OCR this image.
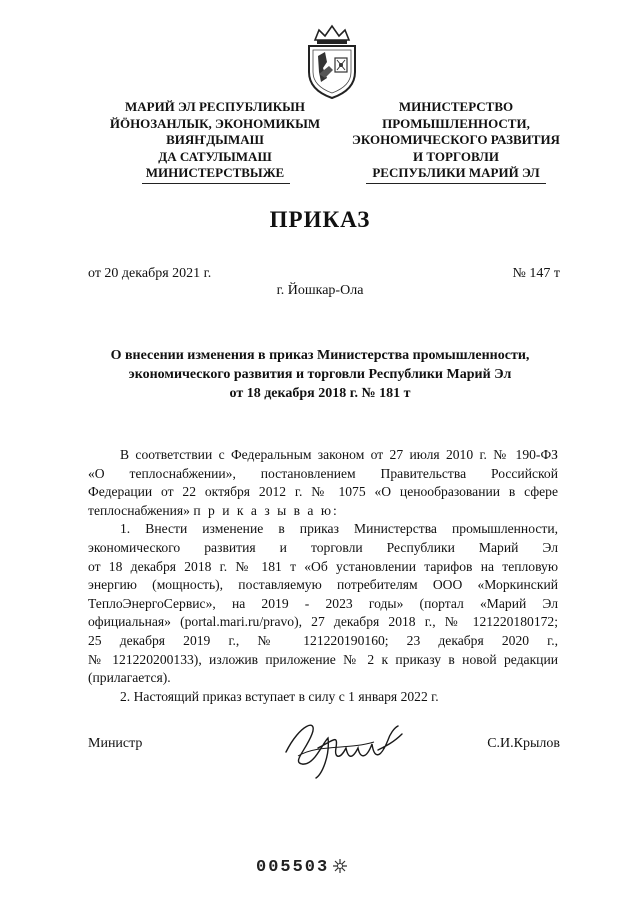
МАРИЙ ЭЛ РЕСПУБЛИКЫН
ЙӦНОЗАНЛЫК, ЭКОНОМИКЫМ
ВИЯҤДЫМАШ
ДА САТУЛЫМАШ
МИНИСТЕРСТВЫЖЕ
МИНИСТЕРСТВО
ПРОМЫШЛЕННОСТИ,
ЭКОНОМИЧЕСКОГО РАЗВИТИЯ
И ТОРГОВЛИ
РЕСПУБЛИКИ МАРИЙ ЭЛ
ПРИКАЗ
от 20 декабря 2021 г.	№ 147 т
г. Йошкар-Ола
О внесении изменения в приказ Министерства промышленности,
экономического развития и торговли Республики Марий Эл
от 18 декабря 2018 г. № 181 т
В соответствии с Федеральным законом от 27 июля 2010 г. № 190-ФЗ
«О теплоснабжении», постановлением Правительства Российской
Федерации от 22 октября 2012 г. № 1075 «О ценообразовании в сфере
теплоснабжения» п р и к а з ы в а ю:
1. Внести изменение в приказ Министерства промышленности,
экономического развития и торговли Республики Марий Эл
от 18 декабря 2018 г. № 181 т «Об установлении тарифов на тепловую
энергию (мощность), поставляемую потребителям ООО «Моркинский
ТеплоЭнергоСервис», на 2019 - 2023 годы» (портал «Марий Эл
официальная» (portal.mari.ru/pravo), 27 декабря 2018 г., № 121220180172;
25 декабря 2019 г., № 121220190160; 23 декабря 2020 г.,
№ 121220200133), изложив приложение № 2 к приказу в новой редакции
(прилагается).
2. Настоящий приказ вступает в силу с 1 января 2022 г.
Министр	С.И.Крылов
005503
